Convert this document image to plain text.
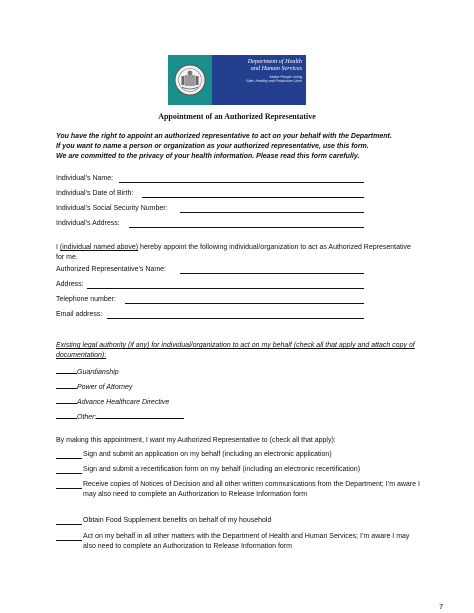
Department of Health
and Human Services
Maine People Living
Safe, Healthy and Productive Lives
Appointment of an Authorized Representative
You have the right to appoint an authorized representative to act on your behalf with the Department.
If you want to name a person or organization as your authorized representative, use this form.
We are committed to the privacy of your health information. Please read this form carefully.
Individual’s Name:
Individual’s Date of Birth:
Individual’s Social Security Number:
Individual’s Address:
I (individual named above) hereby appoint the following individual/organization to act as Authorized Representative for me.
Authorized Representative’s Name:
Address:
Telephone number:
Email address:
Existing legal authority (if any) for individual/organization to act on my behalf (check all that apply and attach copy of documentation):
Guardianship
Power of Attorney
Advance Healthcare Directive
Other:
By making this appointment, I want my Authorized Representative to (check all that apply):
Sign and submit an application on my behalf (including an electronic application)
Sign and submit a recertification form on my behalf (including an electronic recertification)
Receive copies of Notices of Decision and all other written communications from the Department; I’m aware I may also need to complete an Authorization to Release Information form
Obtain Food Supplement benefits on behalf of my household
Act on my behalf in all other matters with the Department of Health and Human Services; I’m aware I may also need to complete an Authorization to Release Information form
7
